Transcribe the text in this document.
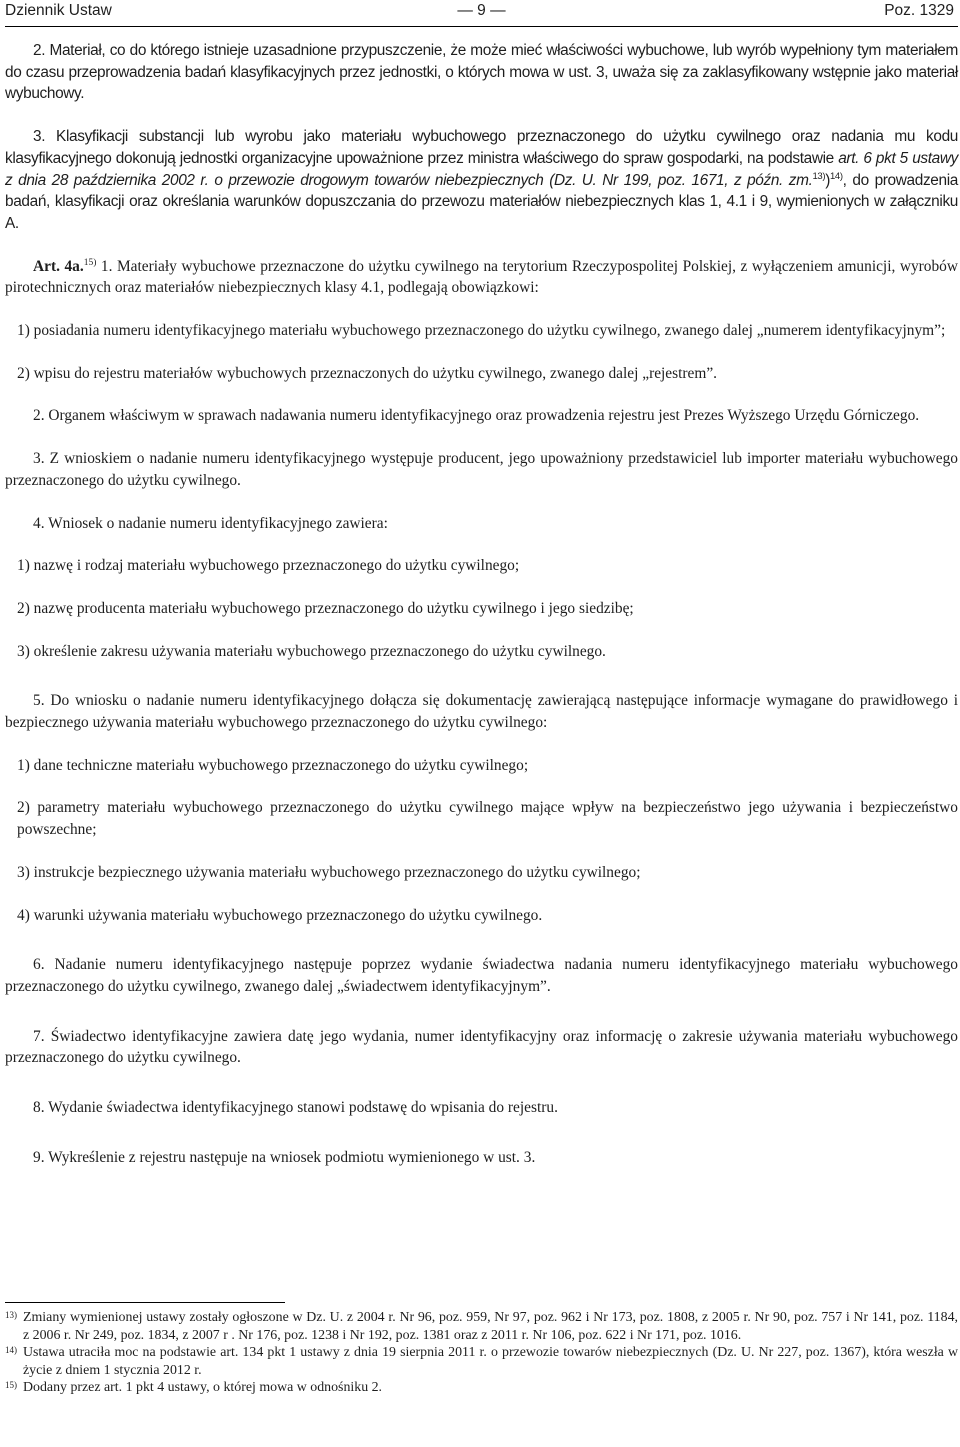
Dziennik Ustaw	— 9 —	Poz. 1329

2. Materiał, co do którego istnieje uzasadnione przypuszczenie, że może mieć właściwości wybuchowe, lub wyrób wypełniony tym materiałem do czasu przeprowadzenia badań klasyfikacyjnych przez jednostki, o których mowa w ust. 3, uważa się za zaklasyfikowany wstępnie jako materiał wybuchowy.

3. Klasyfikacji substancji lub wyrobu jako materiału wybuchowego przeznaczonego do użytku cywilnego oraz nadania mu kodu klasyfikacyjnego dokonują jednostki organizacyjne upoważnione przez ministra właściwego do spraw gospodarki, na podstawie art. 6 pkt 5 ustawy z dnia 28 października 2002 r. o przewozie drogowym towarów niebezpiecznych (Dz. U. Nr 199, poz. 1671, z późn. zm.$^{13)}$)$^{14)}$, do prowadzenia badań, klasyfikacji oraz określania warunków dopuszczania do przewozu materiałów niebezpiecznych klas 1, 4.1 i 9, wymienionych w załączniku A.

Art. 4a.$^{15)}$ 1. Materiały wybuchowe przeznaczone do użytku cywilnego na terytorium Rzeczypospolitej Polskiej, z wyłączeniem amunicji, wyrobów pirotechnicznych oraz materiałów niebezpiecznych klasy 4.1, podlegają obowiązkowi:

1) posiadania numeru identyfikacyjnego materiału wybuchowego przeznaczonego do użytku cywilnego, zwanego dalej „numerem identyfikacyjnym”;

2) wpisu do rejestru materiałów wybuchowych przeznaczonych do użytku cywilnego, zwanego dalej „rejestrem”.

2. Organem właściwym w sprawach nadawania numeru identyfikacyjnego oraz prowadzenia rejestru jest Prezes Wyższego Urzędu Górniczego.

3. Z wnioskiem o nadanie numeru identyfikacyjnego występuje producent, jego upoważniony przedstawiciel lub importer materiału wybuchowego przeznaczonego do użytku cywilnego.

4. Wniosek o nadanie numeru identyfikacyjnego zawiera:

1) nazwę i rodzaj materiału wybuchowego przeznaczonego do użytku cywilnego;

2) nazwę producenta materiału wybuchowego przeznaczonego do użytku cywilnego i jego siedzibę;

3) określenie zakresu używania materiału wybuchowego przeznaczonego do użytku cywilnego.

5. Do wniosku o nadanie numeru identyfikacyjnego dołącza się dokumentację zawierającą następujące informacje wymagane do prawidłowego i bezpiecznego używania materiału wybuchowego przeznaczonego do użytku cywilnego:

1) dane techniczne materiału wybuchowego przeznaczonego do użytku cywilnego;

2) parametry materiału wybuchowego przeznaczonego do użytku cywilnego mające wpływ na bezpieczeństwo jego używania i bezpieczeństwo powszechne;

3) instrukcje bezpiecznego używania materiału wybuchowego przeznaczonego do użytku cywilnego;

4) warunki używania materiału wybuchowego przeznaczonego do użytku cywilnego.

6. Nadanie numeru identyfikacyjnego następuje poprzez wydanie świadectwa nadania numeru identyfikacyjnego materiału wybuchowego przeznaczonego do użytku cywilnego, zwanego dalej „świadectwem identyfikacyjnym”.

7. Świadectwo identyfikacyjne zawiera datę jego wydania, numer identyfikacyjny oraz informację o zakresie używania materiału wybuchowego przeznaczonego do użytku cywilnego.

8. Wydanie świadectwa identyfikacyjnego stanowi podstawę do wpisania do rejestru.

9. Wykreślenie z rejestru następuje na wniosek podmiotu wymienionego w ust. 3.

13) Zmiany wymienionej ustawy zostały ogłoszone w Dz. U. z 2004 r. Nr 96, poz. 959, Nr 97, poz. 962 i Nr 173, poz. 1808, z 2005 r. Nr 90, poz. 757 i Nr 141, poz. 1184, z 2006 r. Nr 249, poz. 1834, z 2007 r . Nr 176, poz. 1238 i Nr 192, poz. 1381 oraz z 2011 r. Nr 106, poz. 622 i Nr 171, poz. 1016.
14) Ustawa utraciła moc na podstawie art. 134 pkt 1 ustawy z dnia 19 sierpnia 2011 r. o przewozie towarów niebezpiecznych (Dz. U. Nr 227, poz. 1367), która weszła w życie z dniem 1 stycznia 2012 r.
15) Dodany przez art. 1 pkt 4 ustawy, o której mowa w odnośniku 2.
